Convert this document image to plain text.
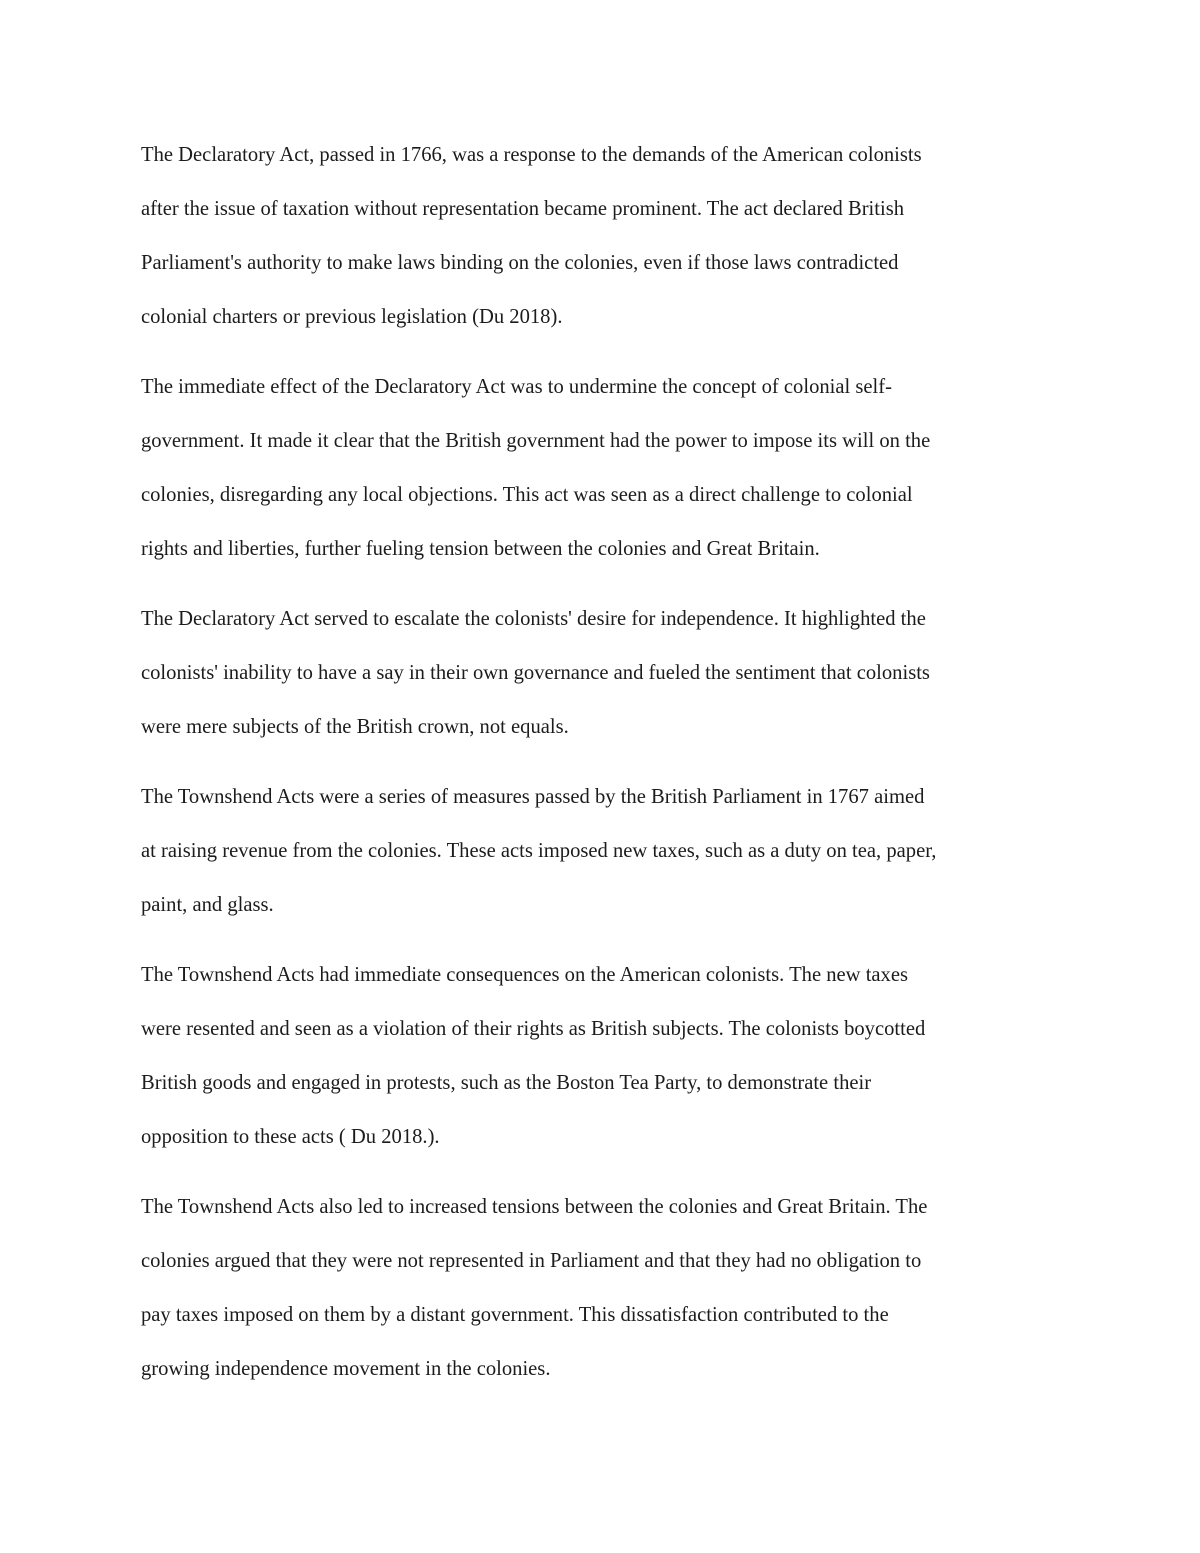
The Declaratory Act, passed in 1766, was a response to the demands of the American colonists
after the issue of taxation without representation became prominent. The act declared British
Parliament's authority to make laws binding on the colonies, even if those laws contradicted
colonial charters or previous legislation (Du 2018).
The immediate effect of the Declaratory Act was to undermine the concept of colonial self-
government. It made it clear that the British government had the power to impose its will on the
colonies, disregarding any local objections. This act was seen as a direct challenge to colonial
rights and liberties, further fueling tension between the colonies and Great Britain.
The Declaratory Act served to escalate the colonists' desire for independence. It highlighted the
colonists' inability to have a say in their own governance and fueled the sentiment that colonists
were mere subjects of the British crown, not equals.
The Townshend Acts were a series of measures passed by the British Parliament in 1767 aimed
at raising revenue from the colonies. These acts imposed new taxes, such as a duty on tea, paper,
paint, and glass.
The Townshend Acts had immediate consequences on the American colonists. The new taxes
were resented and seen as a violation of their rights as British subjects. The colonists boycotted
British goods and engaged in protests, such as the Boston Tea Party, to demonstrate their
opposition to these acts ( Du 2018.).
The Townshend Acts also led to increased tensions between the colonies and Great Britain. The
colonies argued that they were not represented in Parliament and that they had no obligation to
pay taxes imposed on them by a distant government. This dissatisfaction contributed to the
growing independence movement in the colonies.
